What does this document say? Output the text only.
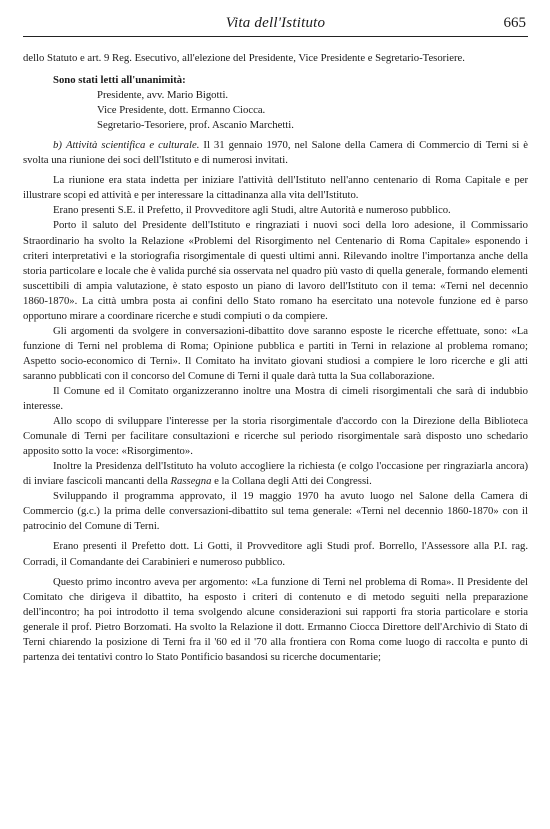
Vita dell'Istituto	665

dello Statuto e art. 9 Reg. Esecutivo, all'elezione del Presidente, Vice Presidente e Segretario-Tesoriere.

Sono stati letti all'unanimità:

Presidente, avv. Mario Bigotti.

Vice Presidente, dott. Ermanno Ciocca.

Segretario-Tesoriere, prof. Ascanio Marchetti.

b) Attività scientifica e culturale. Il 31 gennaio 1970, nel Salone della Camera di Commercio di Terni si è svolta una riunione dei soci dell'Istituto e di numerosi invitati.

La riunione era stata indetta per iniziare l'attività dell'Istituto nell'anno centenario di Roma Capitale e per illustrare scopi ed attività e per interessare la cittadinanza alla vita dell'Istituto.

Erano presenti S.E. il Prefetto, il Provveditore agli Studi, altre Autorità e numeroso pubblico.

Porto il saluto del Presidente dell'Istituto e ringraziati i nuovi soci della loro adesione, il Commissario Straordinario ha svolto la Relazione «Problemi del Risorgimento nel Centenario di Roma Capitale» esponendo i criteri interpretativi e la storiografia risorgimentale di questi ultimi anni. Rilevando inoltre l'importanza anche della storia particolare e locale che è valida purché sia osservata nel quadro più vasto di quella generale, formando elementi suscettibili di ampia valutazione, è stato esposto un piano di lavoro dell'Istituto con il tema: «Terni nel decennio 1860-1870». La città umbra posta ai confini dello Stato romano ha esercitato una notevole funzione ed è parso opportuno mirare a coordinare ricerche e studi compiuti o da compiere.

Gli argomenti da svolgere in conversazioni-dibattito dove saranno esposte le ricerche effettuate, sono: «La funzione di Terni nel problema di Roma; Opinione pubblica e partiti in Terni in relazione al problema romano; Aspetto socio-economico di Terni». Il Comitato ha invitato giovani studiosi a compiere le loro ricerche e gli atti saranno pubblicati con il concorso del Comune di Terni il quale darà tutta la Sua collaborazione.

Il Comune ed il Comitato organizzeranno inoltre una Mostra di cimeli risorgimentali che sarà di indubbio interesse.

Allo scopo di sviluppare l'interesse per la storia risorgimentale d'accordo con la Direzione della Biblioteca Comunale di Terni per facilitare consultazioni e ricerche sul periodo risorgimentale sarà disposto uno schedario apposito sotto la voce: «Risorgimento».

Inoltre la Presidenza dell'Istituto ha voluto accogliere la richiesta (e colgo l'occasione per ringraziarla ancora) di inviare fascicoli mancanti della Rassegna e la Collana degli Atti dei Congressi.

Sviluppando il programma approvato, il 19 maggio 1970 ha avuto luogo nel Salone della Camera di Commercio (g.c.) la prima delle conversazioni-dibattito sul tema generale: «Terni nel decennio 1860-1870» con il patrocinio del Comune di Terni.

Erano presenti il Prefetto dott. Li Gotti, il Provveditore agli Studi prof. Borrello, l'Assessore alla P.I. rag. Corradi, il Comandante dei Carabinieri e numeroso pubblico.

Questo primo incontro aveva per argomento: «La funzione di Terni nel problema di Roma». Il Presidente del Comitato che dirigeva il dibattito, ha esposto i criteri di contenuto e di metodo seguiti nella preparazione dell'incontro; ha poi introdotto il tema svolgendo alcune considerazioni sui rapporti fra storia particolare e storia generale il prof. Pietro Borzomati. Ha svolto la Relazione il dott. Ermanno Ciocca Direttore dell'Archivio di Stato di Terni chiarendo la posizione di Terni fra il '60 ed il '70 alla frontiera con Roma come luogo di raccolta e punto di partenza dei tentativi contro lo Stato Pontificio basandosi su ricerche documentarie;
